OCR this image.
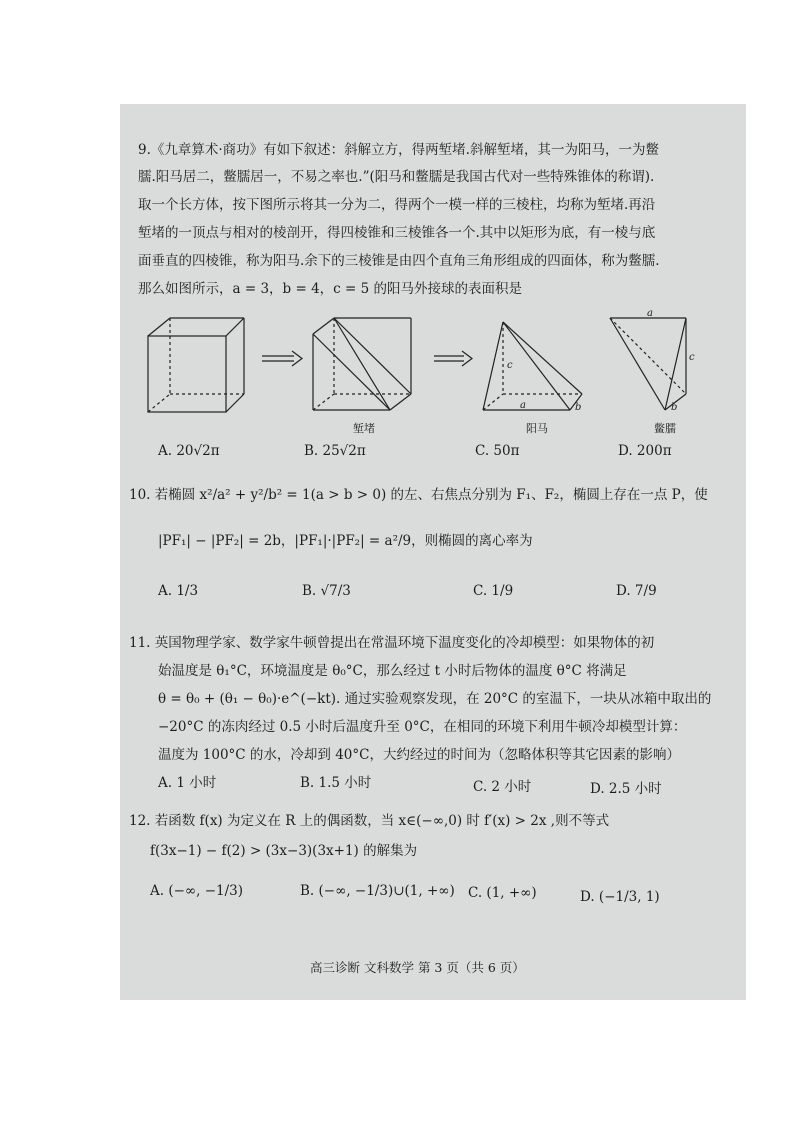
9.《九章算术·商功》有如下叙述：斜解立方，得两堑堵.斜解堑堵，其一为阳马，一为鳖
臑.阳马居二，鳖臑居一，不易之率也.”(阳马和鳖臑是我国古代对一些特殊锥体的称谓).
取一个长方体，按下图所示将其一分为二，得两个一模一样的三棱柱，均称为堑堵.再沿
堑堵的一顶点与相对的棱剖开，得四棱锥和三棱锥各一个.其中以矩形为底，有一棱与底
面垂直的四棱锥，称为阳马.余下的三棱锥是由四个直角三角形组成的四面体，称为鳖臑.
那么如图所示，a = 3，b = 4，c = 5 的阳马外接球的表面积是
c
a	b
a
c
b
堑堵	阳马	鳖臑
A. 20√2π	B. 25√2π	C. 50π	D. 200π
10. 若椭圆 x²/a² + y²/b² = 1(a > b > 0) 的左、右焦点分别为 F₁、F₂，椭圆上存在一点 P，使
|PF₁| − |PF₂| = 2b，|PF₁|·|PF₂| = a²/9，则椭圆的离心率为
A. 1/3	B. √7/3	C. 1/9	D. 7/9
11. 英国物理学家、数学家牛顿曾提出在常温环境下温度变化的冷却模型：如果物体的初
始温度是 θ₁°C，环境温度是 θ₀°C，那么经过 t 小时后物体的温度 θ°C 将满足
θ = θ₀ + (θ₁ − θ₀)·e^(−kt). 通过实验观察发现，在 20°C 的室温下，一块从冰箱中取出的
−20°C 的冻肉经过 0.5 小时后温度升至 0°C，在相同的环境下利用牛顿冷却模型计算：
温度为 100°C 的水，冷却到 40°C，大约经过的时间为（忽略体积等其它因素的影响）
A. 1 小时	B. 1.5 小时	C. 2 小时	D. 2.5 小时
12. 若函数 f(x) 为定义在 R 上的偶函数，当 x∈(−∞,0) 时 f′(x) > 2x ,则不等式
f(3x−1) − f(2) > (3x−3)(3x+1) 的解集为
A. (−∞, −1/3)	B. (−∞, −1/3)∪(1, +∞) C. (1, +∞)	D. (−1/3, 1)
高三诊断 文科数学 第 3 页（共 6 页）
